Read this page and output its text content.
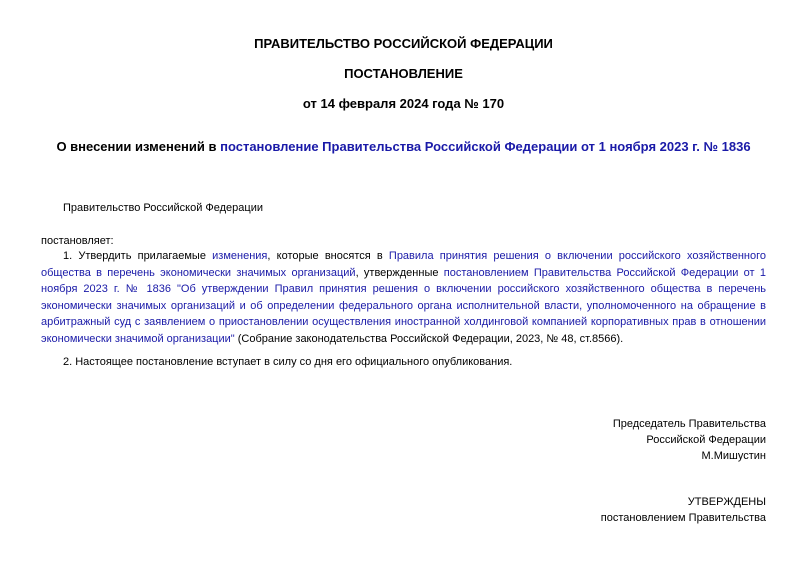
ПРАВИТЕЛЬСТВО РОССИЙСКОЙ ФЕДЕРАЦИИ
ПОСТАНОВЛЕНИЕ
от 14 февраля 2024 года № 170
О внесении изменений в постановление Правительства Российской Федерации от 1 ноября 2023 г. № 1836
Правительство Российской Федерации
постановляет:
1. Утвердить прилагаемые изменения, которые вносятся в Правила принятия решения о включении российского хозяйственного общества в перечень экономически значимых организаций, утвержденные постановлением Правительства Российской Федерации от 1 ноября 2023 г. № 1836 "Об утверждении Правил принятия решения о включении российского хозяйственного общества в перечень экономически значимых организаций и об определении федерального органа исполнительной власти, уполномоченного на обращение в арбитражный суд с заявлением о приостановлении осуществления иностранной холдинговой компанией корпоративных прав в отношении экономически значимой организации" (Собрание законодательства Российской Федерации, 2023, № 48, ст.8566).
2. Настоящее постановление вступает в силу со дня его официального опубликования.
Председатель Правительства
Российской Федерации
М.Мишустин
УТВЕРЖДЕНЫ
постановлением Правительства
